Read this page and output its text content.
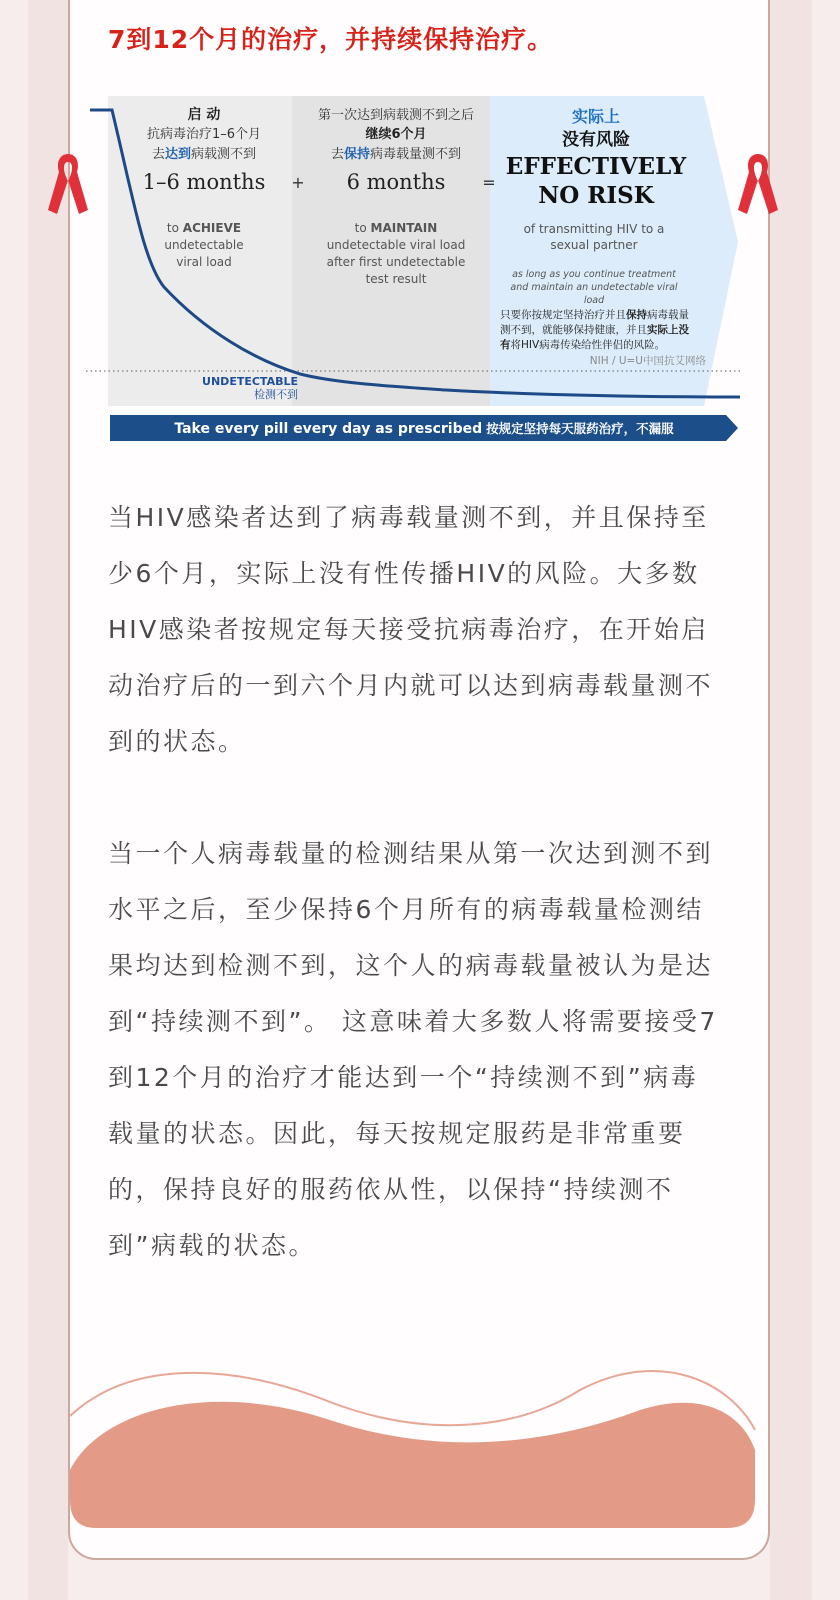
7到12个月的治疗，并持续保持治疗。
启 动
抗病毒治疗1–6个月
去达到病载测不到
1–6 months
to ACHIEVE
undetectable
viral load
+
第一次达到病载测不到之后
继续6个月
去保持病毒载量测不到
6 months
to MAINTAIN
undetectable viral load
after first undetectable
test result
=
实际上
没有风险
EFFECTIVELY
NO RISK
of transmitting HIV to a
sexual partner
as long as you continue treatment
and maintain an undetectable viral
load
只要你按规定坚持治疗并且保持病毒载量
测不到，就能够保持健康，并且实际上没
有将HIV病毒传染给性伴侣的风险。
NIH / U=U中国抗艾网络
UNDETECTABLE
检测不到
Take every pill every day as prescribed 按规定坚持每天服药治疗，不漏服

当HIV感染者达到了病毒载量测不到，并且保持至少6个月，实际上没有性传播HIV的风险。大多数HIV感染者按规定每天接受抗病毒治疗，在开始启动治疗后的一到六个月内就可以达到病毒载量测不到的状态。

当一个人病毒载量的检测结果从第一次达到测不到水平之后，至少保持6个月所有的病毒载量检测结果均达到检测不到，这个人的病毒载量被认为是达到“持续测不到”。 这意味着大多数人将需要接受7到12个月的治疗才能达到一个“持续测不到”病毒载量的状态。因此，每天按规定服药是非常重要的，保持良好的服药依从性，以保持“持续测不到”病载的状态。
